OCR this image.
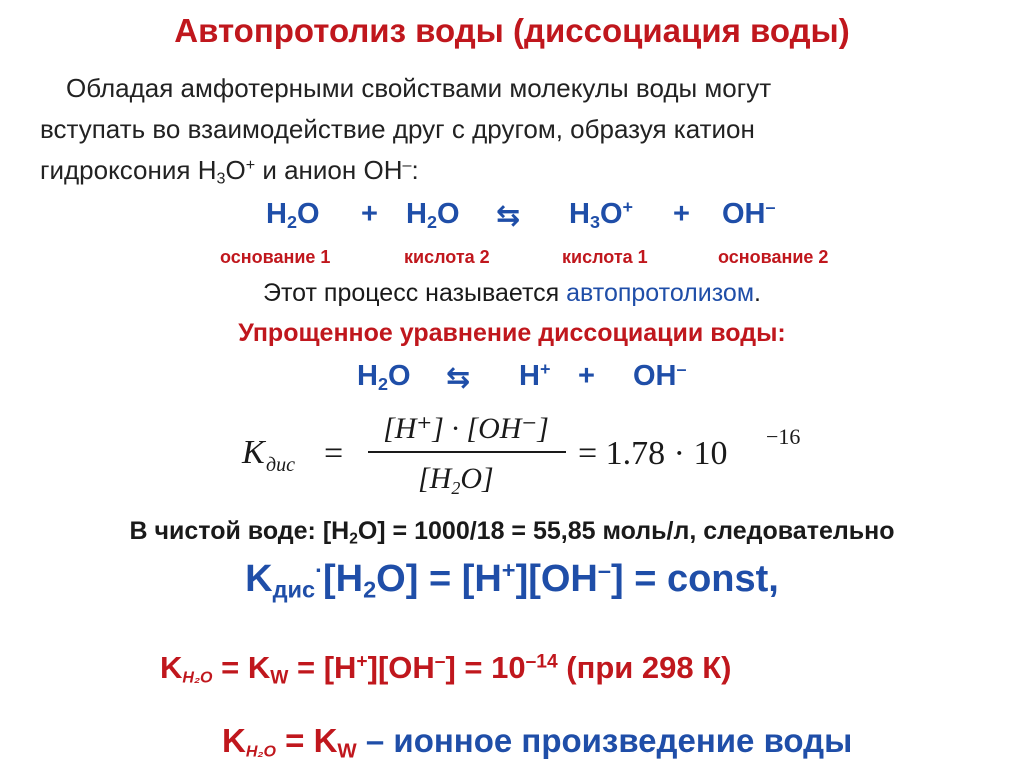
Автопротолиз воды (диссоциация воды)
Обладая амфотерными свойствами молекулы воды могут
вступать во взаимодействие друг с другом, образуя катион
гидроксония $H_3O^+$ и анион OH–:
$H_2O + H_2O$ ⇆ $H_3O^+ + OH^-$
основание 1	кислота 2	кислота 1	основание 2
Этот процесс называется автопротолизом.
Упрощенное уравнение диссоциации воды:
$H_2O$ ⇆ H+ + OH–
K дис =
[H⁺] · [OH⁻]
$[H_2O]$
= 1.78 · 10 −16
В чистой воде: $[H_2O] = 1000/18 = 55,85$ моль/л, следовательно
$K_{дис}^\cdot[H_2O] = [H^+][OH^-]$ = const,
$K_{H_2O} = K_W = [H^+][OH^-] = 10^{-14}$ (при 298 К)
$K_{H_2O} = K_W$ – ионное произведение воды
